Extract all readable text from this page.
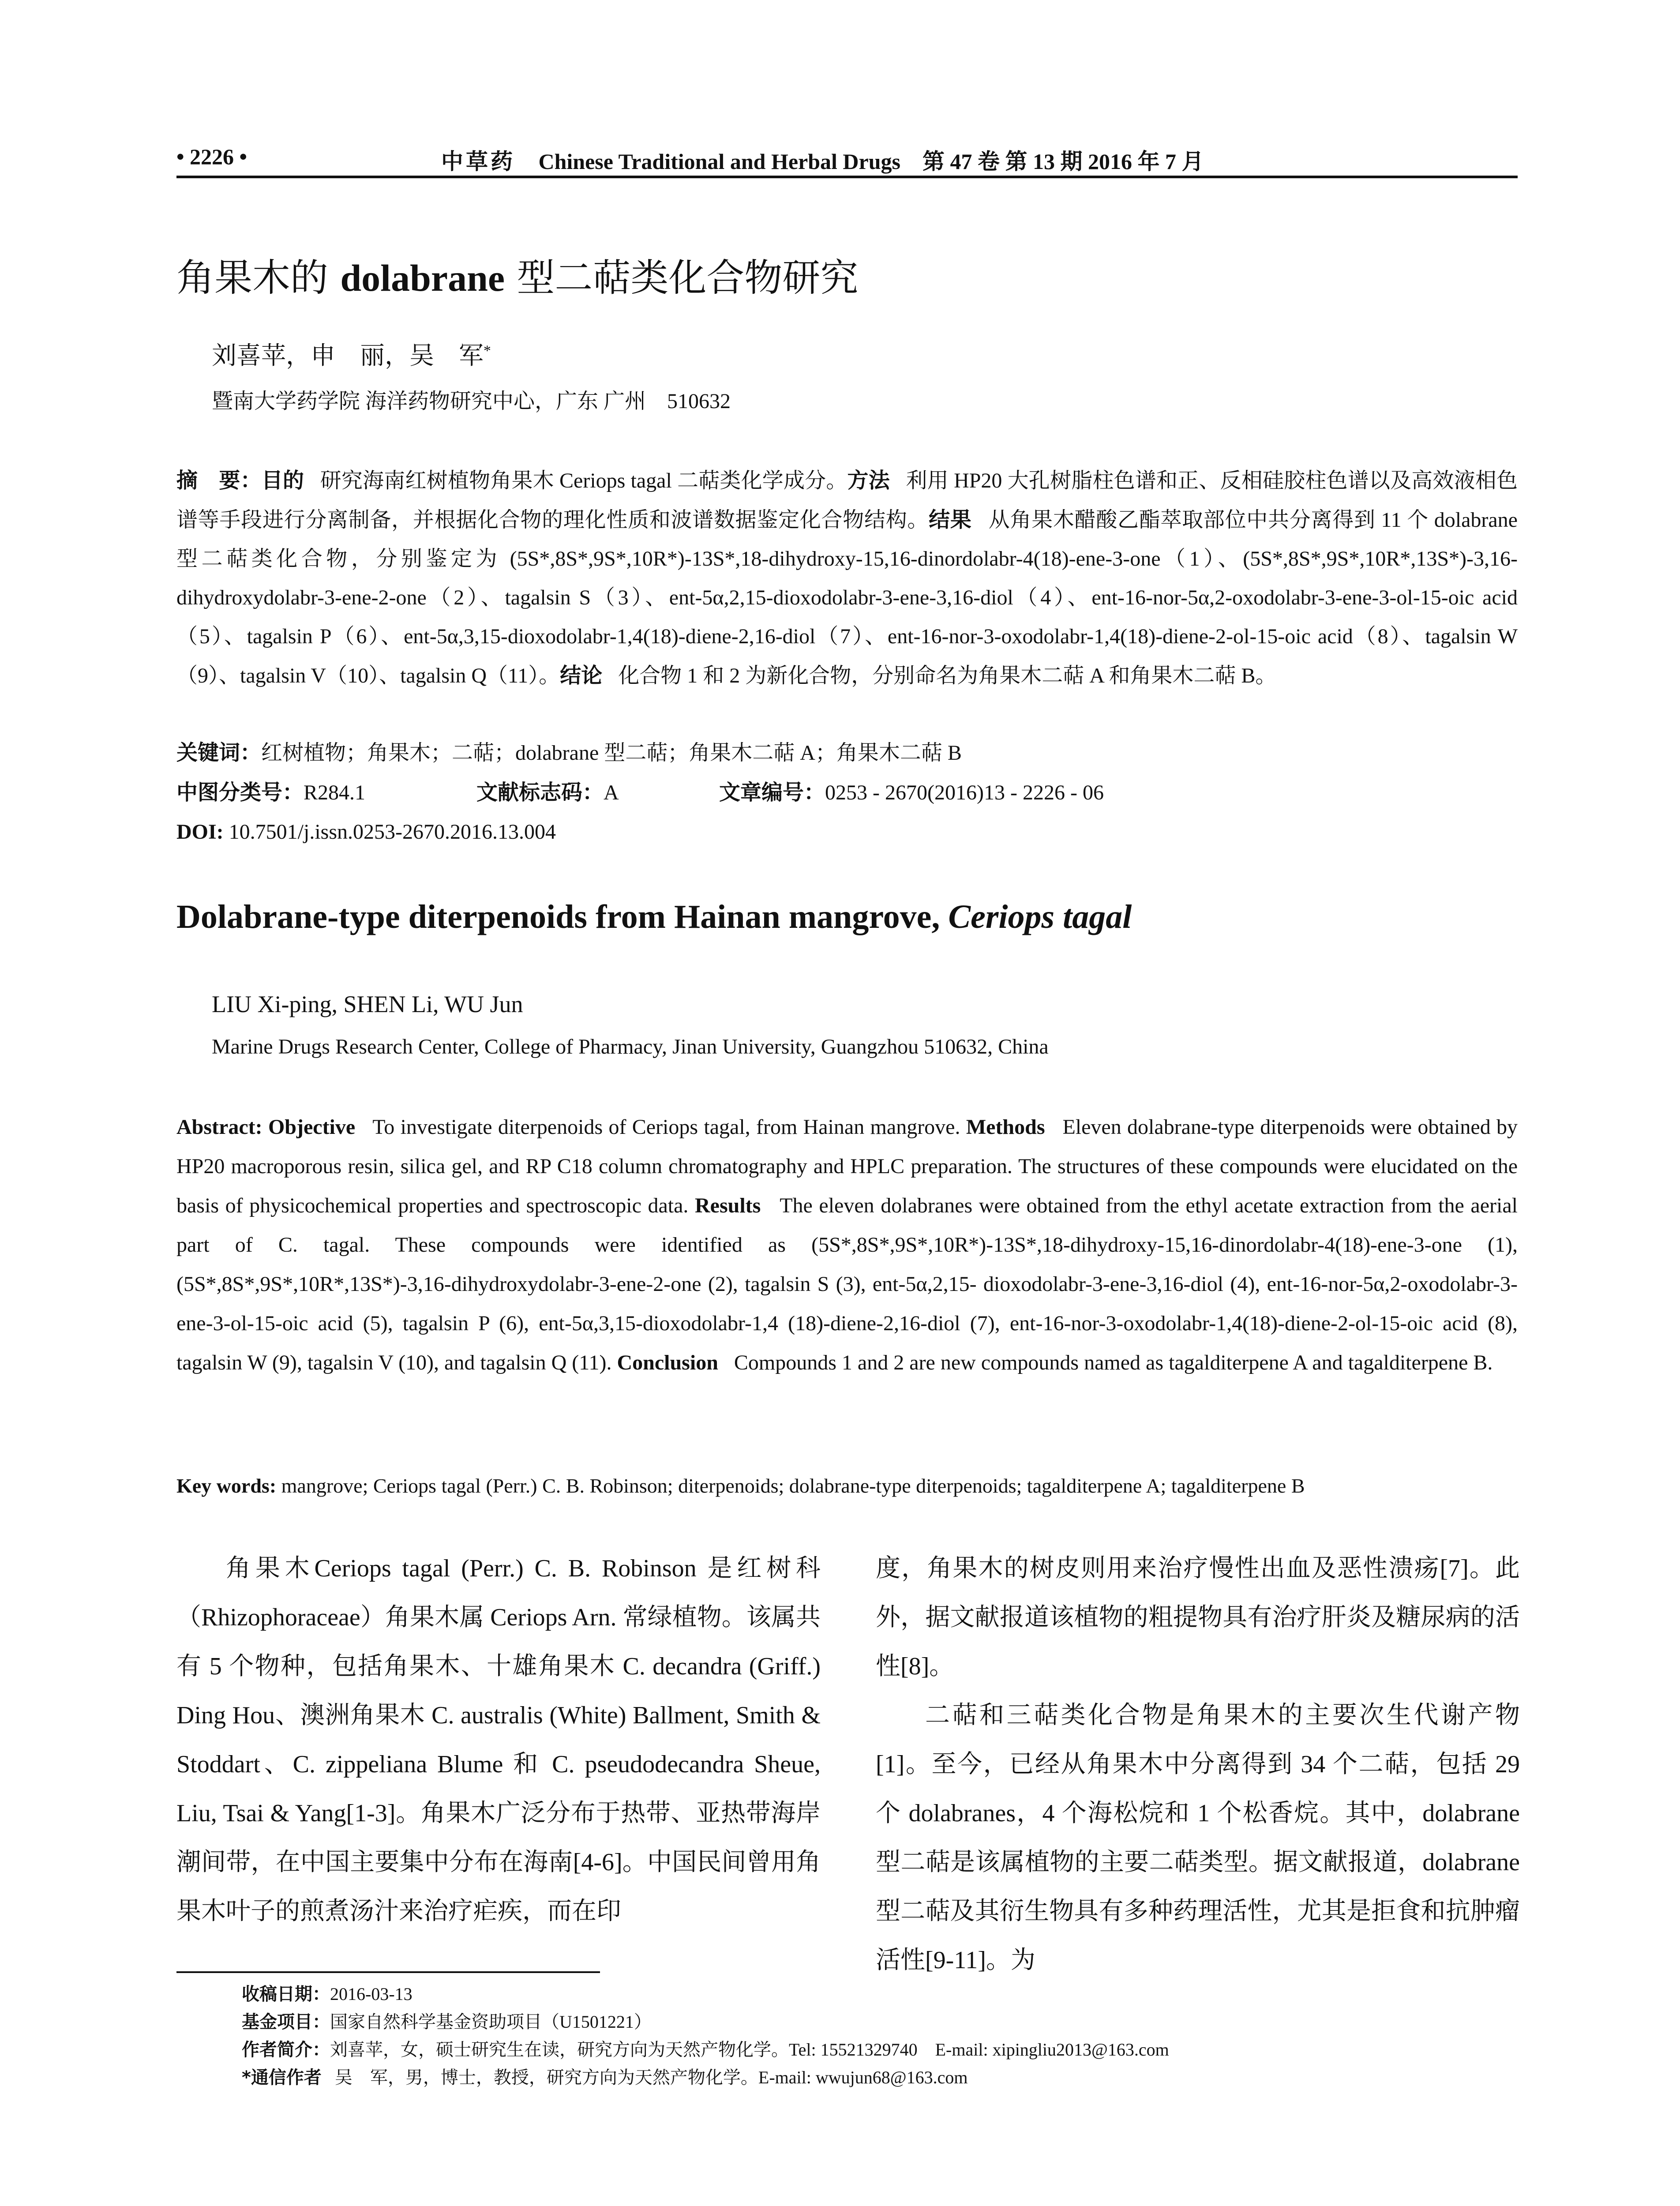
• 2226 •	中草药 Chinese Traditional and Herbal Drugs 第 47 卷 第 13 期 2016 年 7 月
角果木的 dolabrane 型二萜类化合物研究
刘喜苹，申　丽，吴　军*
暨南大学药学院 海洋药物研究中心，广东 广州　510632
摘　要：目的 研究海南红树植物角果木 Ceriops tagal 二萜类化学成分。方法 利用 HP20 大孔树脂柱色谱和正、反相硅胶柱色谱以及高效液相色谱等手段进行分离制备，并根据化合物的理化性质和波谱数据鉴定化合物结构。结果 从角果木醋酸乙酯萃取部位中共分离得到 11 个 dolabrane 型二萜类化合物，分别鉴定为 (5S*,8S*,9S*,10R*)-13S*,18-dihydroxy-15,16-dinordolabr-4(18)-ene-3-one（1）、(5S*,8S*,9S*,10R*,13S*)-3,16-dihydroxydolabr-3-ene-2-one（2）、tagalsin S（3）、ent-5α,2,15-dioxodolabr-3-ene-3,16-diol（4）、ent-16-nor-5α,2-oxodolabr-3-ene-3-ol-15-oic acid（5）、tagalsin P（6）、ent-5α,3,15-dioxodolabr-1,4(18)-diene-2,16-diol（7）、ent-16-nor-3-oxodolabr-1,4(18)-diene-2-ol-15-oic acid（8）、tagalsin W（9）、tagalsin V（10）、tagalsin Q（11）。结论 化合物 1 和 2 为新化合物，分别命名为角果木二萜 A 和角果木二萜 B。
关键词：红树植物；角果木；二萜；dolabrane 型二萜；角果木二萜 A；角果木二萜 B
中图分类号：R284.1	文献标志码：A	文章编号：0253 - 2670(2016)13 - 2226 - 06
DOI: 10.7501/j.issn.0253-2670.2016.13.004
Dolabrane-type diterpenoids from Hainan mangrove, Ceriops tagal
LIU Xi-ping, SHEN Li, WU Jun
Marine Drugs Research Center, College of Pharmacy, Jinan University, Guangzhou 510632, China
Abstract: Objective To investigate diterpenoids of Ceriops tagal, from Hainan mangrove. Methods Eleven dolabrane-type diterpenoids were obtained by HP20 macroporous resin, silica gel, and RP C18 column chromatography and HPLC preparation. The structures of these compounds were elucidated on the basis of physicochemical properties and spectroscopic data. Results The eleven dolabranes were obtained from the ethyl acetate extraction from the aerial part of C. tagal. These compounds were identified as (5S*,8S*,9S*,10R*)-13S*,18-dihydroxy-15,16-dinordolabr-4(18)-ene-3-one (1), (5S*,8S*,9S*,10R*,13S*)-3,16-dihydroxydolabr-3-ene-2-one (2), tagalsin S (3), ent-5α,2,15- dioxodolabr-3-ene-3,16-diol (4), ent-16-nor-5α,2-oxodolabr-3-ene-3-ol-15-oic acid (5), tagalsin P (6), ent-5α,3,15-dioxodolabr-1,4 (18)-diene-2,16-diol (7), ent-16-nor-3-oxodolabr-1,4(18)-diene-2-ol-15-oic acid (8), tagalsin W (9), tagalsin V (10), and tagalsin Q (11). Conclusion Compounds 1 and 2 are new compounds named as tagalditerpene A and tagalditerpene B.
Key words: mangrove; Ceriops tagal (Perr.) C. B. Robinson; diterpenoids; dolabrane-type diterpenoids; tagalditerpene A; tagalditerpene B

角果木Ceriops tagal (Perr.) C. B. Robinson 是红树科（Rhizophoraceae）角果木属 Ceriops Arn. 常绿植物。该属共有 5 个物种，包括角果木、十雄角果木 C. decandra (Griff.) Ding Hou、澳洲角果木 C. australis (White) Ballment, Smith & Stoddart、C. zippeliana Blume 和 C. pseudodecandra Sheue, Liu, Tsai & Yang[1-3]。角果木广泛分布于热带、亚热带海岸潮间带，在中国主要集中分布在海南[4-6]。中国民间曾用角果木叶子的煎煮汤汁来治疗疟疾，而在印

度，角果木的树皮则用来治疗慢性出血及恶性溃疡[7]。此外，据文献报道该植物的粗提物具有治疗肝炎及糖尿病的活性[8]。

二萜和三萜类化合物是角果木的主要次生代谢产物[1]。至今，已经从角果木中分离得到 34 个二萜，包括 29 个 dolabranes，4 个海松烷和 1 个松香烷。其中，dolabrane 型二萜是该属植物的主要二萜类型。据文献报道，dolabrane 型二萜及其衍生物具有多种药理活性，尤其是拒食和抗肿瘤活性[9-11]。为

收稿日期：2016-03-13
基金项目：国家自然科学基金资助项目（U1501221）
作者简介：刘喜苹，女，硕士研究生在读，研究方向为天然产物化学。Tel: 15521329740　E-mail: xipingliu2013@163.com
*通信作者 吴　军，男，博士，教授，研究方向为天然产物化学。E-mail: wwujun68@163.com
